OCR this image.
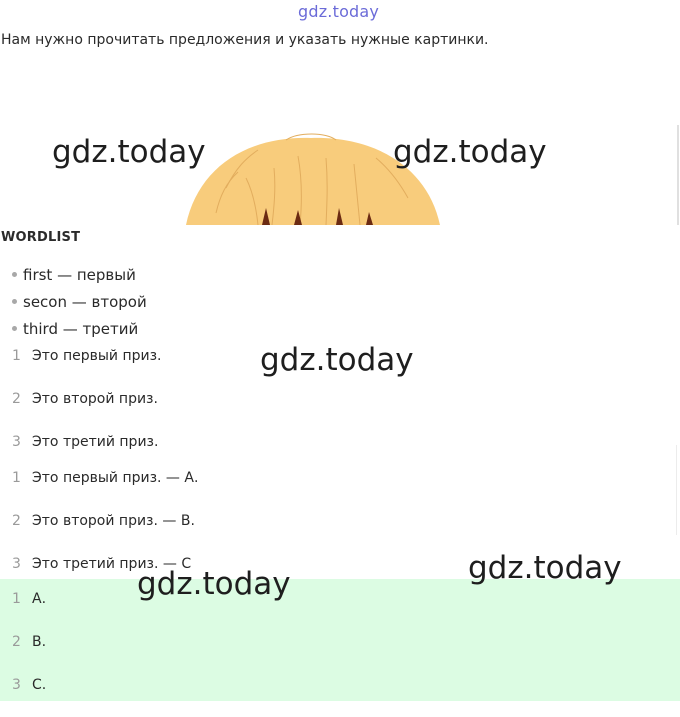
gdz.today
Нам нужно прочитать предложения и указать нужные картинки.
WORDLIST
first — первый
secon — второй
third — третий
1 Это первый приз.
2 Это второй приз.
3 Это третий приз.
1 Это первый приз. — А.
2 Это второй приз. — В.
3 Это третий приз. — С
1 А.
2 В.
3 С.
gdz.today	gdz.today
gdz.today
gdz.today
gdz.today
